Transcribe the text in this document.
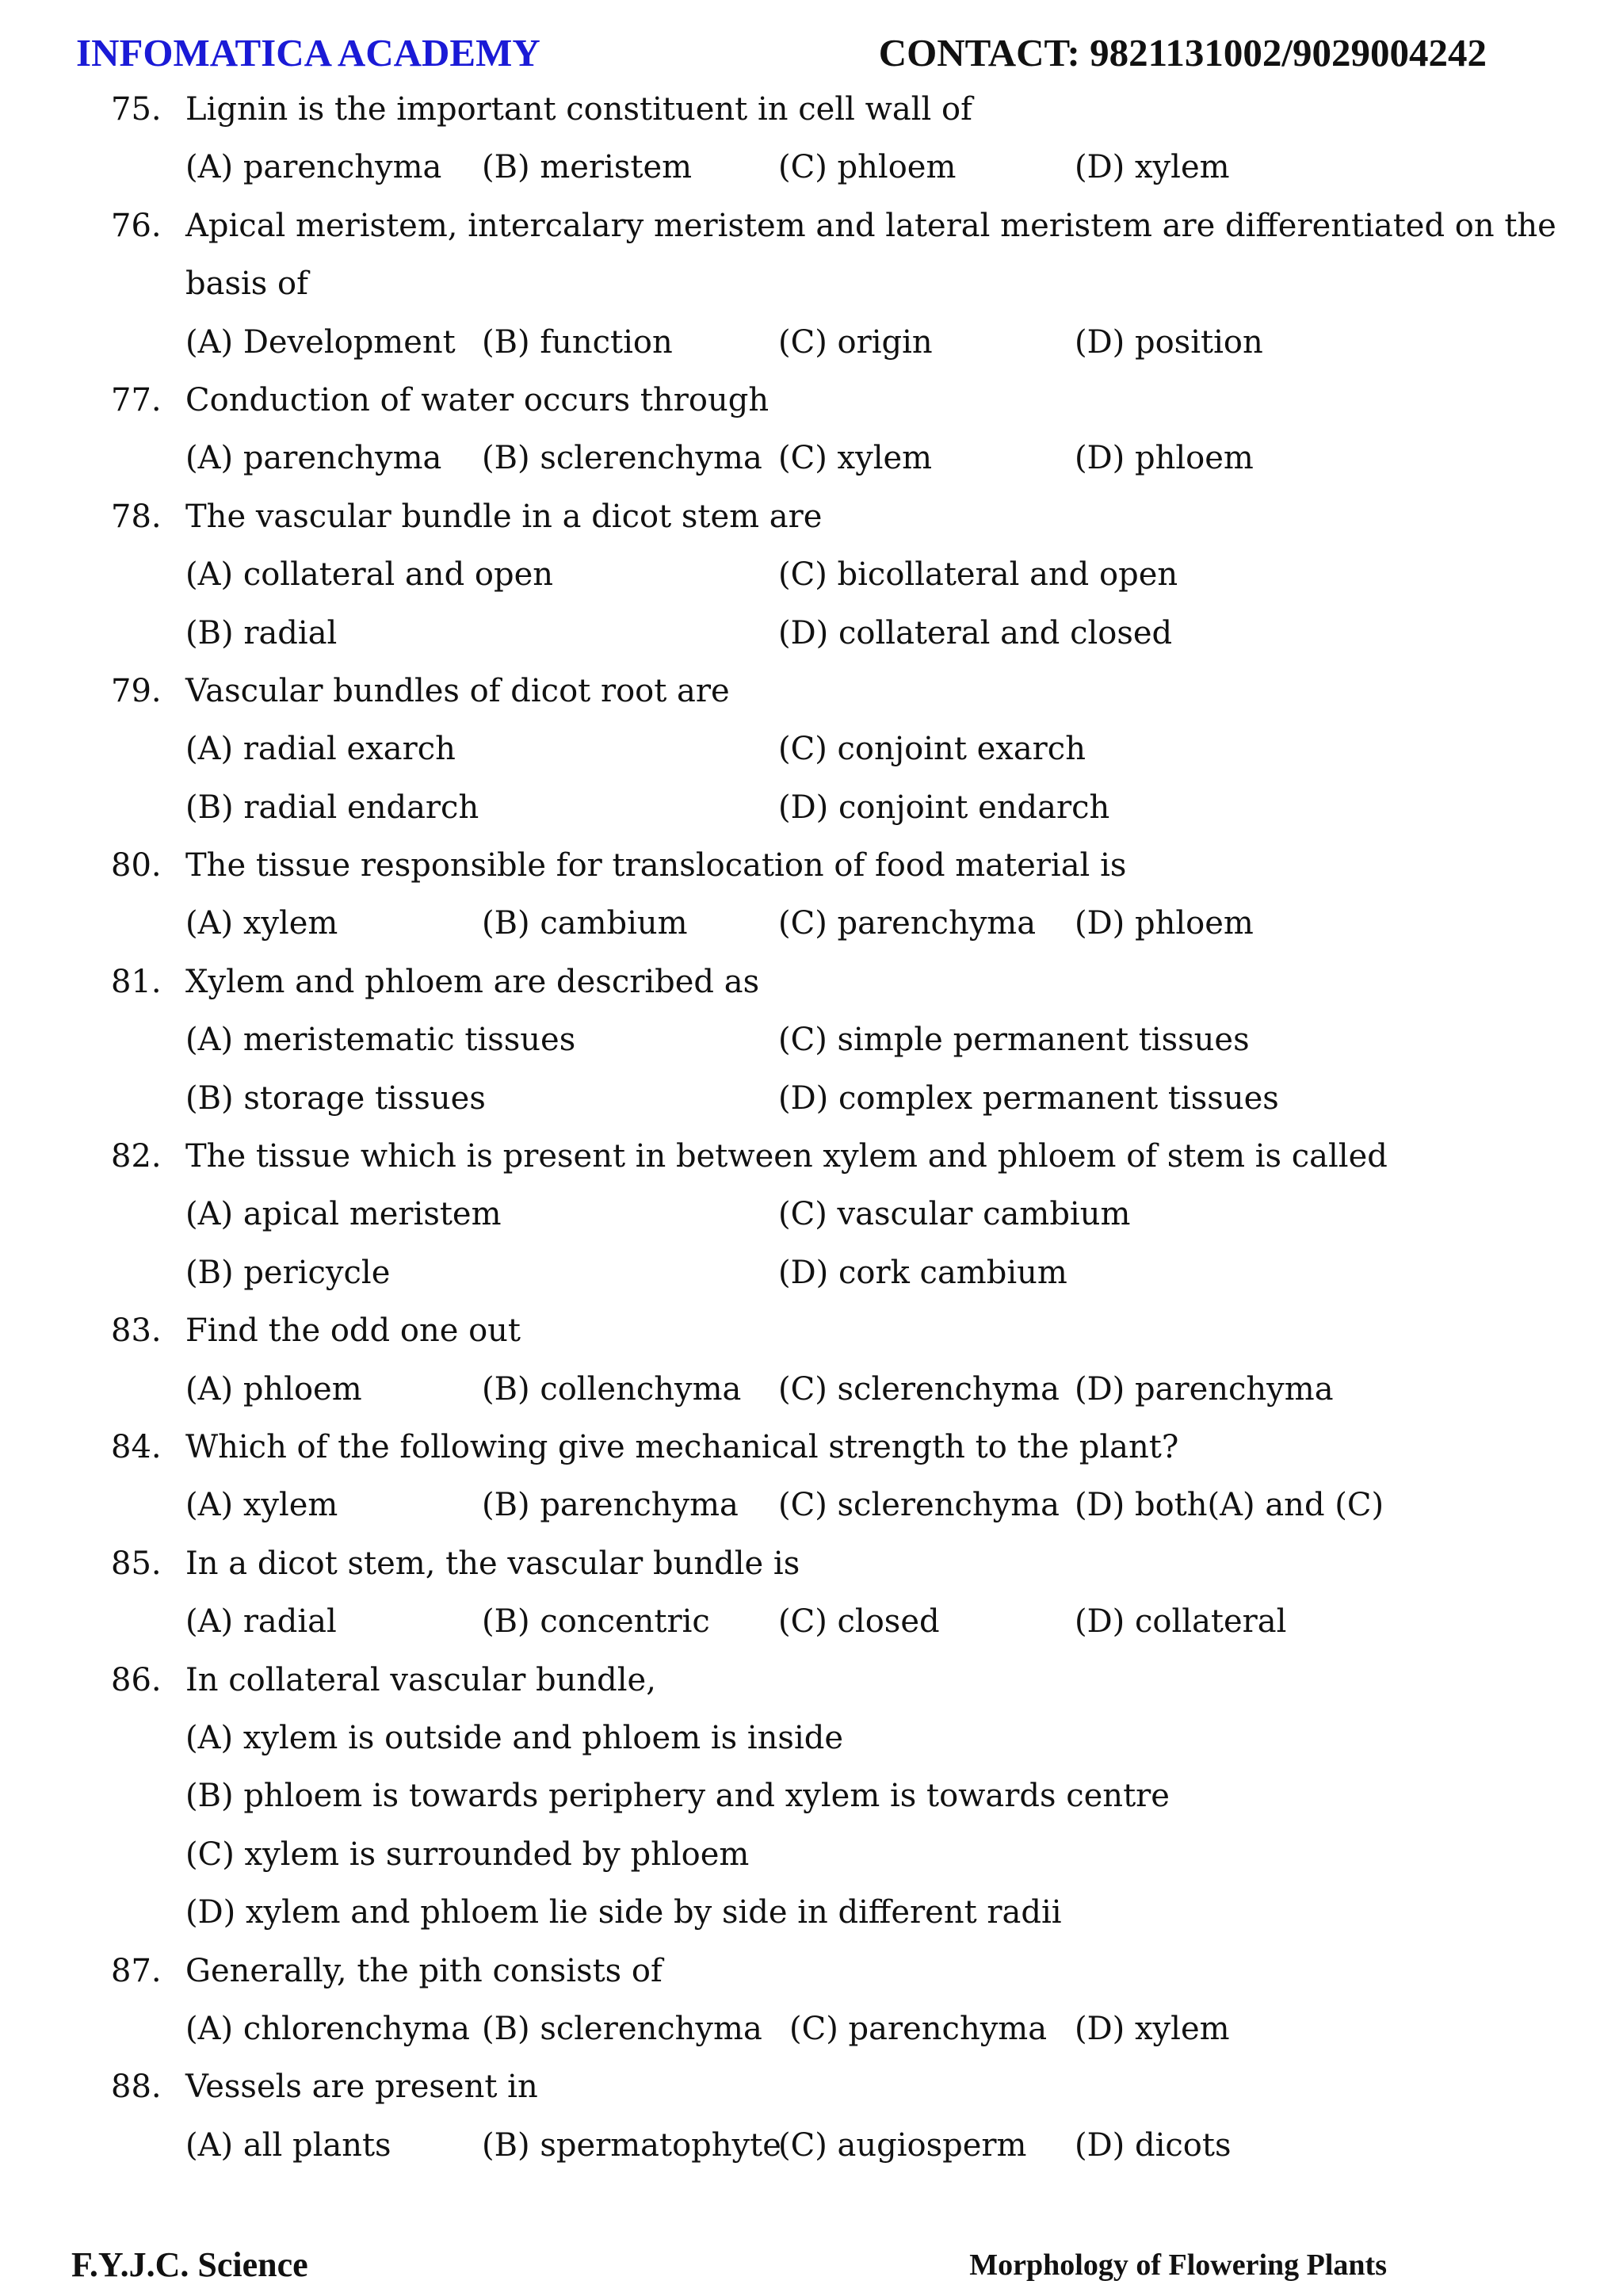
INFOMATICA ACADEMY	CONTACT: 9821131002/9029004242
75. Lignin is the important constituent in cell wall of
(A) parenchyma (B) meristem	(C) phloem	(D) xylem
76. Apical meristem, intercalary meristem and lateral meristem are differentiated on the
basis of
(A) Development (B) function	(C) origin	(D) position
77. Conduction of water occurs through
(A) parenchyma (B) sclerenchyma (C) xylem	(D) phloem
78. The vascular bundle in a dicot stem are
(A) collateral and open	(C) bicollateral and open
(B) radial	(D) collateral and closed
79. Vascular bundles of dicot root are
(A) radial exarch	(C) conjoint exarch
(B) radial endarch	(D) conjoint endarch
80. The tissue responsible for translocation of food material is
(A) xylem	(B) cambium	(C) parenchyma (D) phloem
81. Xylem and phloem are described as
(A) meristematic tissues	(C) simple permanent tissues
(B) storage tissues	(D) complex permanent tissues
82. The tissue which is present in between xylem and phloem of stem is called
(A) apical meristem	(C) vascular cambium
(B) pericycle	(D) cork cambium
83. Find the odd one out
(A) phloem	(B) collenchyma (C) sclerenchyma (D) parenchyma
84. Which of the following give mechanical strength to the plant?
(A) xylem	(B) parenchyma (C) sclerenchyma (D) both(A) and (C)
85. In a dicot stem, the vascular bundle is
(A) radial	(B) concentric (C) closed	(D) collateral
86. In collateral vascular bundle,
(A) xylem is outside and phloem is inside
(B) phloem is towards periphery and xylem is towards centre
(C) xylem is surrounded by phloem
(D) xylem and phloem lie side by side in different radii
87. Generally, the pith consists of
(A) chlorenchyma (B) sclerenchyma (C) parenchyma (D) xylem
88. Vessels are present in
(A) all plants	(B) spermatophyte
(C) augiosperm (D) dicots
F.Y.J.C. Science	Morphology of Flowering Plants
